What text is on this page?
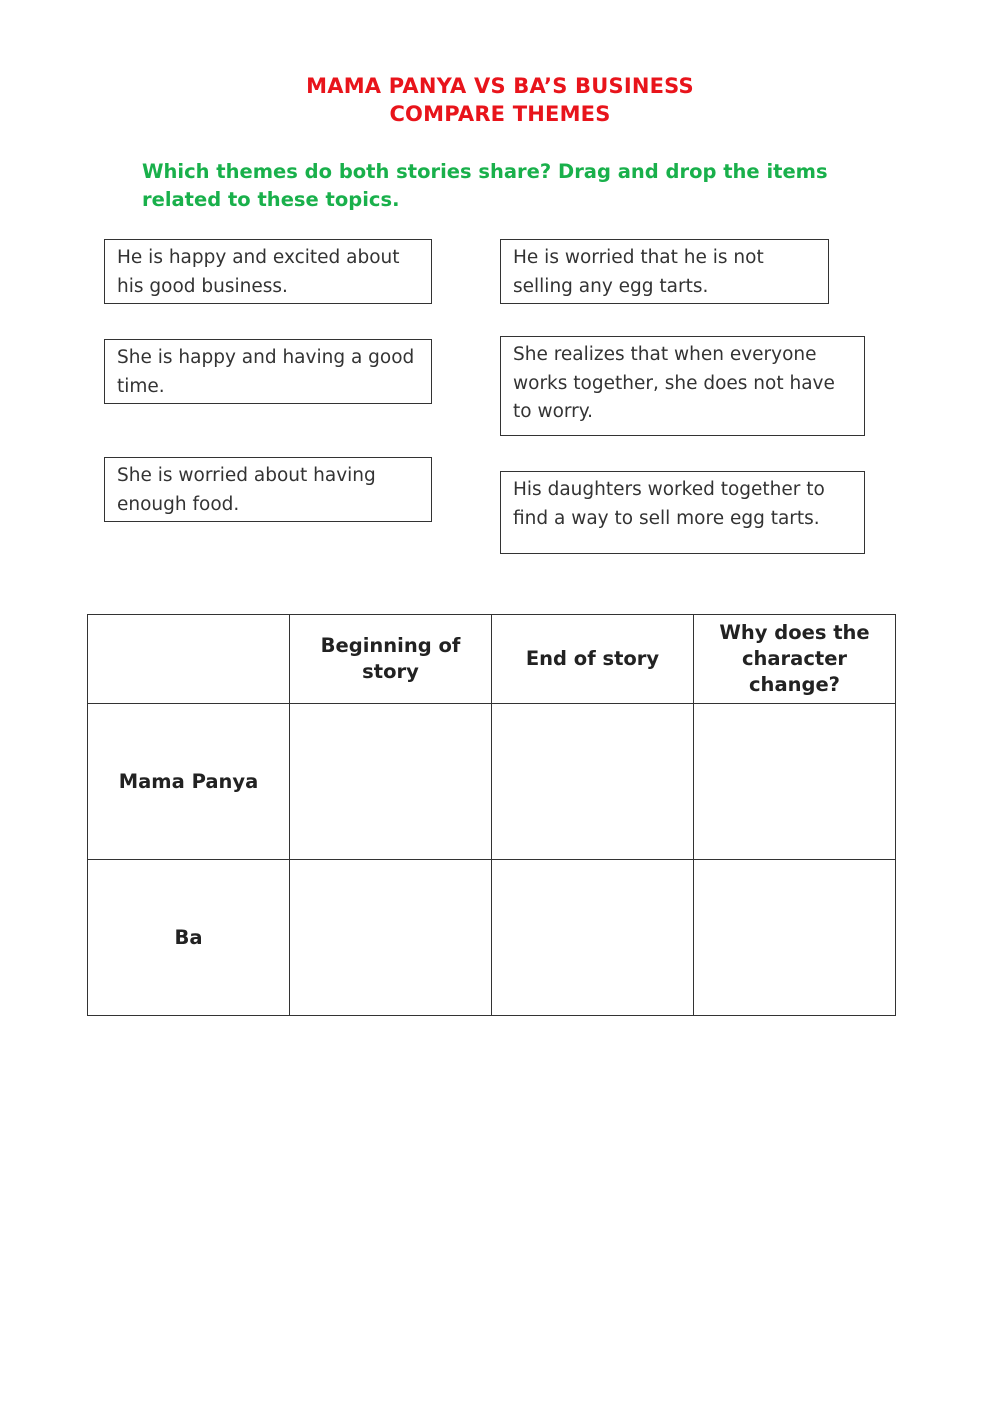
MAMA PANYA VS BA’S BUSINESS
COMPARE THEMES
Which themes do both stories share? Drag and drop the items related to these topics.
He is happy and excited about his good business.
She is happy and having a good time.
She is worried about having enough food.
He is worried that he is not selling any egg tarts.
She realizes that when everyone works together, she does not have to worry.
His daughters worked together to find a way to sell more egg tarts.
	Beginning of story	End of story	Why does the character change?
Mama Panya			
Ba			
